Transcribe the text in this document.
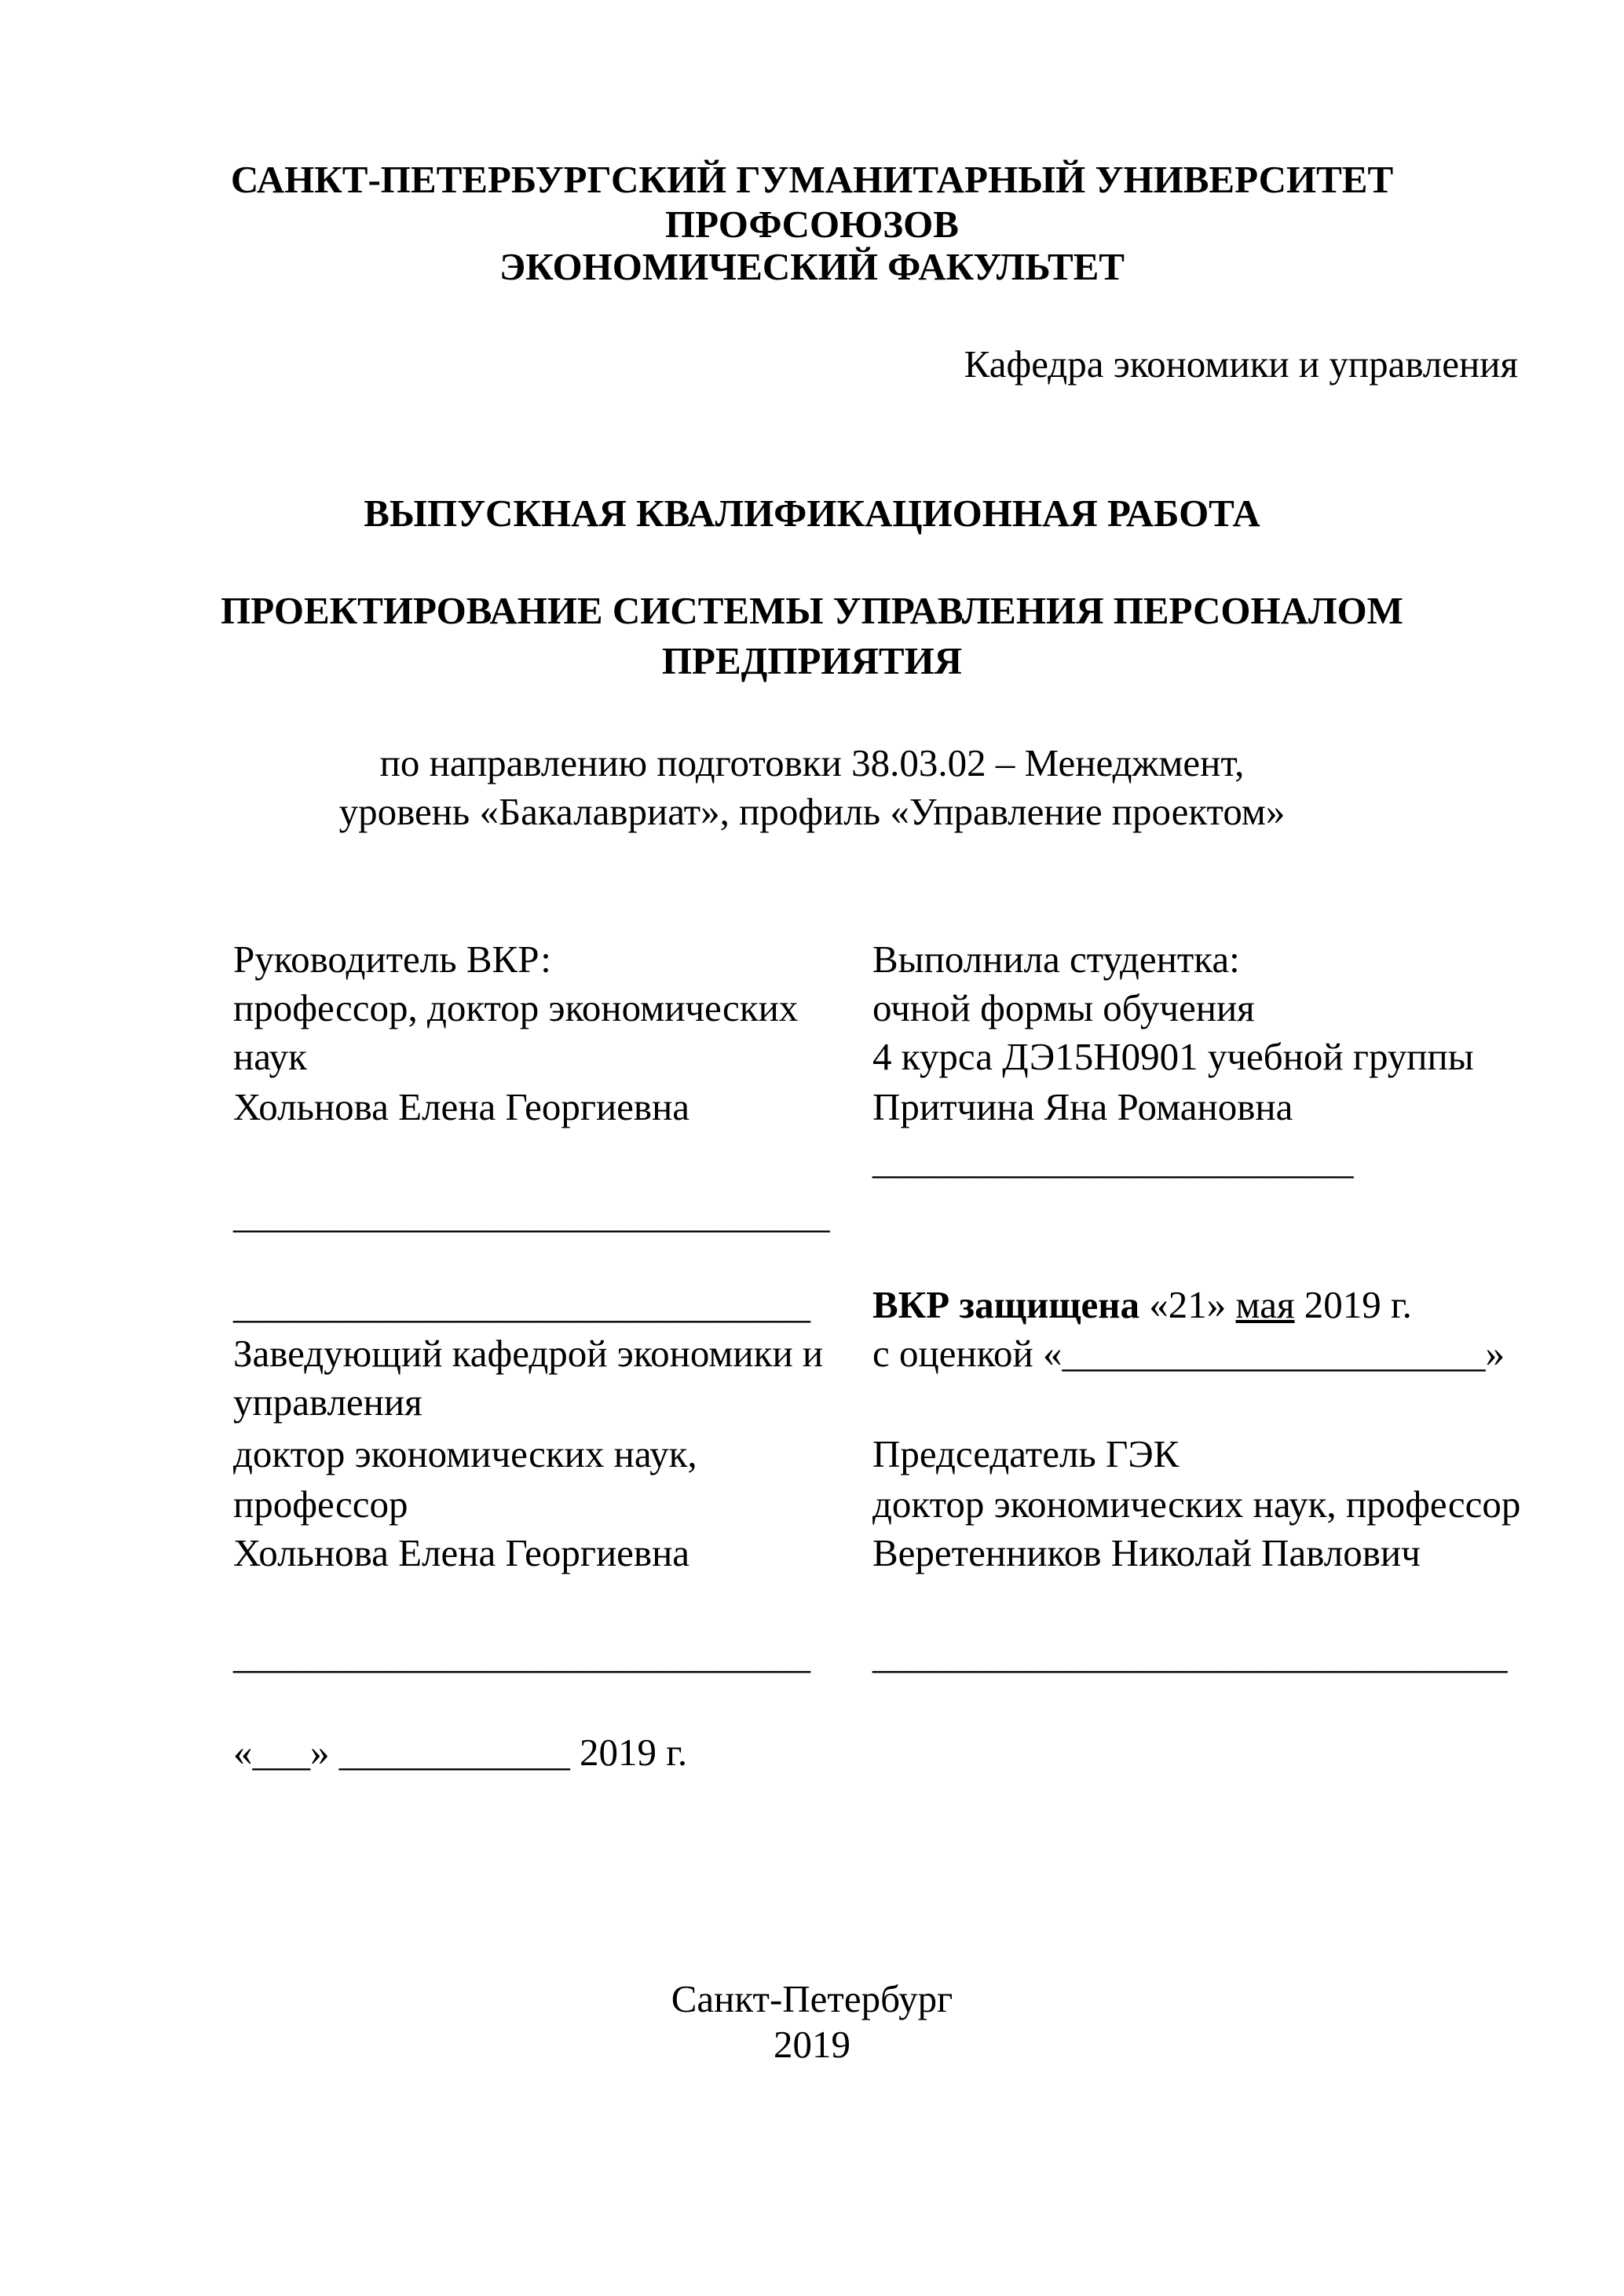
САНКТ-ПЕТЕРБУРГСКИЙ ГУМАНИТАРНЫЙ УНИВЕРСИТЕТ
ПРОФСОЮЗОВ
ЭКОНОМИЧЕСКИЙ ФАКУЛЬТЕТ
Кафедра экономики и управления
ВЫПУСКНАЯ КВАЛИФИКАЦИОННАЯ РАБОТА
ПРОЕКТИРОВАНИЕ СИСТЕМЫ УПРАВЛЕНИЯ ПЕРСОНАЛОМ
ПРЕДПРИЯТИЯ
по направлению подготовки 38.03.02 – Менеджмент,
уровень «Бакалавриат», профиль «Управление проектом»
Руководитель ВКР:
профессор, доктор экономических
наук
Хольнова Елена Георгиевна
_______________________________
______________________________
Заведующий кафедрой экономики и
управления
доктор экономических наук,
профессор
Хольнова Елена Георгиевна
______________________________
«___» ____________ 2019 г.
Выполнила студентка:
очной формы обучения
4 курса ДЭ15Н0901 учебной группы
Притчина Яна Романовна
_________________________
ВКР защищена «21» мая 2019 г.
с оценкой «______________________»
Председатель ГЭК
доктор экономических наук, профессор
Веретенников Николай Павлович
_________________________________
Санкт-Петербург
2019
